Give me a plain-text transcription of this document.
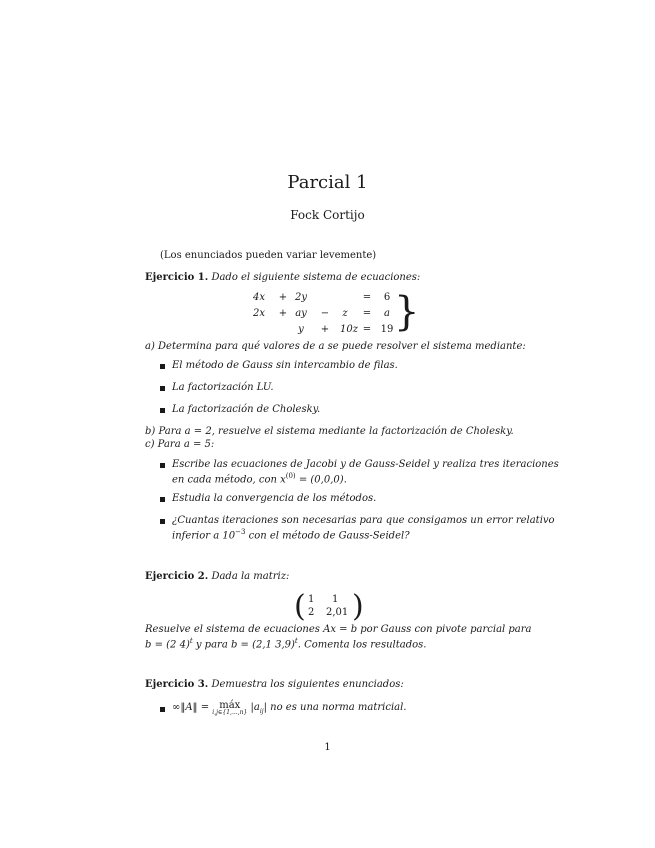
Parcial 1
Fock Cortijo
(Los enunciados pueden variar levemente)
Ejercicio 1. Dado el siguiente sistema de ecuaciones:
4x	+ 2y	=	6
2x	+ ay	−	z	=	a
y	+	10z = 19 }
a) Determina para qué valores de a se puede resolver el sistema mediante:
El método de Gauss sin intercambio de filas.
La factorización LU.
La factorización de Cholesky.
b) Para a = 2, resuelve el sistema mediante la factorización de Cholesky.
c) Para a = 5:
Escribe las ecuaciones de Jacobi y de Gauss-Seidel y realiza tres iteraciones
en cada método, con $x^{(0)} = (0,0,0)$.
Estudia la convergencia de los métodos.
¿Cuantas iteraciones son necesarias para que consigamos un error relativo
inferior a $10^{-3}$ con el método de Gauss-Seidel?
Ejercicio 2. Dada la matriz:
( 1 1
2 2,01 )
Resuelve el sistema de ecuaciones Ax = b por Gauss con pivote parcial para
b = (2 4)$^t$ y para b = (2,1 3,9)$^t$. Comenta los resultados.
Ejercicio 3. Demuestra los siguientes enunciados:
∞‖A‖ =	máx
i,j∈{1,...,n} $|a_{ij}|$ no es una norma matricial.
1
